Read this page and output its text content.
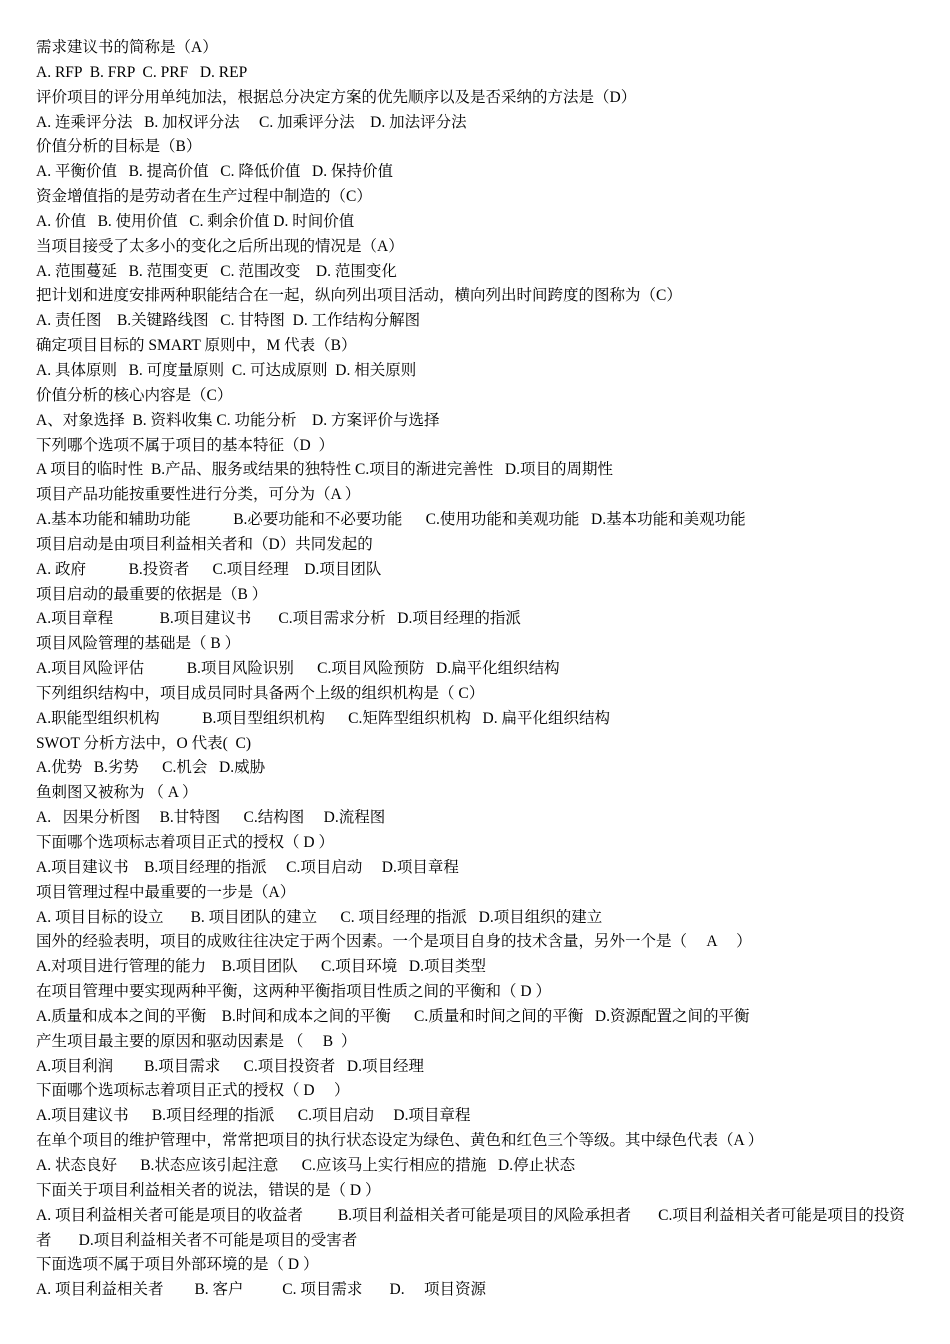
需求建议书的简称是（A）

A. RFP  B. FRP  C. PRF   D. REP

评价项目的评分用单纯加法，根据总分决定方案的优先顺序以及是否采纳的方法是（D）

A. 连乘评分法   B. 加权评分法     C. 加乘评分法    D. 加法评分法

价值分析的目标是（B）

A. 平衡价值   B. 提高价值   C. 降低价值   D. 保持价值

资金增值指的是劳动者在生产过程中制造的（C）

A. 价值   B. 使用价值   C. 剩余价值 D. 时间价值

当项目接受了太多小的变化之后所出现的情况是（A）

A. 范围蔓延   B. 范围变更   C. 范围改变    D. 范围变化

把计划和进度安排两种职能结合在一起，纵向列出项目活动，横向列出时间跨度的图称为（C）

A. 责任图    B.关键路线图   C. 甘特图  D. 工作结构分解图

确定项目目标的 SMART 原则中，M 代表（B）

A. 具体原则   B. 可度量原则  C. 可达成原则  D. 相关原则

价值分析的核心内容是（C）

A、对象选择  B. 资料收集 C. 功能分析    D. 方案评价与选择

下列哪个选项不属于项目的基本特征（D  ）

A 项目的临时性  B.产品、服务或结果的独特性 C.项目的渐进完善性   D.项目的周期性

项目产品功能按重要性进行分类，可分为（A ）

A.基本功能和辅助功能           B.必要功能和不必要功能      C.使用功能和美观功能   D.基本功能和美观功能

项目启动是由项目利益相关者和（D）共同发起的

A. 政府           B.投资者      C.项目经理    D.项目团队

项目启动的最重要的依据是（B ）

A.项目章程            B.项目建议书       C.项目需求分析   D.项目经理的指派

项目风险管理的基础是（ B ）

A.项目风险评估           B.项目风险识别      C.项目风险预防   D.扁平化组织结构

下列组织结构中，项目成员同时具备两个上级的组织机构是（ C）

A.职能型组织机构           B.项目型组织机构      C.矩阵型组织机构   D. 扁平化组织结构

SWOT 分析方法中，O 代表(  C)

A.优势   B.劣势      C.机会   D.威胁

鱼刺图又被称为 （ A ）

A.   因果分析图     B.甘特图      C.结构图     D.流程图

下面哪个选项标志着项目正式的授权（ D ）

A.项目建议书    B.项目经理的指派     C.项目启动     D.项目章程

项目管理过程中最重要的一步是（A）

A. 项目目标的设立       B. 项目团队的建立      C. 项目经理的指派   D.项目组织的建立

国外的经验表明，项目的成败往往决定于两个因素。一个是项目自身的技术含量，另外一个是（     A     ）

A.对项目进行管理的能力    B.项目团队      C.项目环境   D.项目类型

在项目管理中要实现两种平衡，这两种平衡指项目性质之间的平衡和（ D ）

A.质量和成本之间的平衡    B.时间和成本之间的平衡      C.质量和时间之间的平衡   D.资源配置之间的平衡

产生项目最主要的原因和驱动因素是 （     B  ）

A.项目利润        B.项目需求      C.项目投资者   D.项目经理

下面哪个选项标志着项目正式的授权（ D     ）

A.项目建议书      B.项目经理的指派      C.项目启动     D.项目章程

在单个项目的维护管理中，常常把项目的执行状态设定为绿色、黄色和红色三个等级。其中绿色代表（A ）

A. 状态良好      B.状态应该引起注意      C.应该马上实行相应的措施   D.停止状态

下面关于项目利益相关者的说法，错误的是（ D ）

A. 项目利益相关者可能是项目的收益者         B.项目利益相关者可能是项目的风险承担者       C.项目利益相关者可能是项目的投资者       D.项目利益相关者不可能是项目的受害者

下面选项不属于项目外部环境的是（ D ）

A. 项目利益相关者        B. 客户          C. 项目需求       D.     项目资源
